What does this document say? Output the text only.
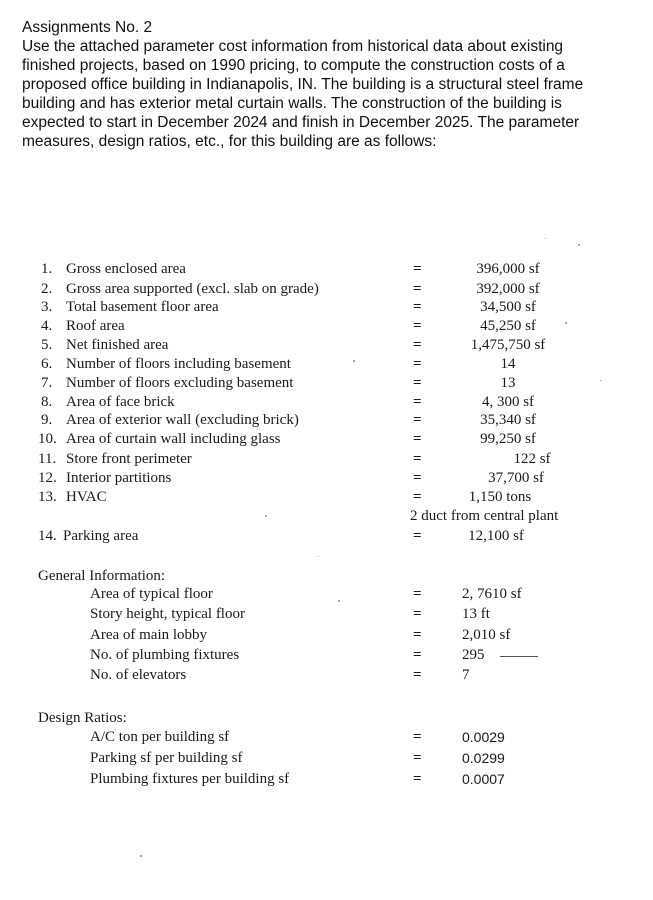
Assignments No. 2
Use the attached parameter cost information from historical data about existing
finished projects, based on 1990 pricing, to compute the construction costs of a
proposed office building in Indianapolis, IN. The building is a structural steel frame
building and has exterior metal curtain walls. The construction of the building is
expected to start in December 2024 and finish in December 2025. The parameter
measures, design ratios, etc., for this building are as follows:
1. Gross enclosed area	=	396,000 sf
2. Gross area supported (excl. slab on grade)	=	392,000 sf
3. Total basement floor area	=	34,500 sf
4. Roof area	=	45,250 sf
5. Net finished area	=	1,475,750 sf
6. Number of floors including basement	=	14
7. Number of floors excluding basement	=	13
8. Area of face brick	=	4, 300 sf
9. Area of exterior wall (excluding brick)	=	35,340 sf
10. Area of curtain wall including glass	=	99,250 sf
11. Store front perimeter	=	122 sf
12. Interior partitions	=	37,700 sf
13. HVAC	=	1,150 tons
2 duct from central plant
14. Parking area	=	12,100 sf
General Information:
Area of typical floor	=	2, 7610 sf
Story height, typical floor	=	13 ft
Area of main lobby	=	2,010 sf
No. of plumbing fixtures	=	295
No. of elevators	=	7
Design Ratios:
A/C ton per building sf	=	0.0029
Parking sf per building sf	=	0.0299
Plumbing fixtures per building sf	=	0.0007
